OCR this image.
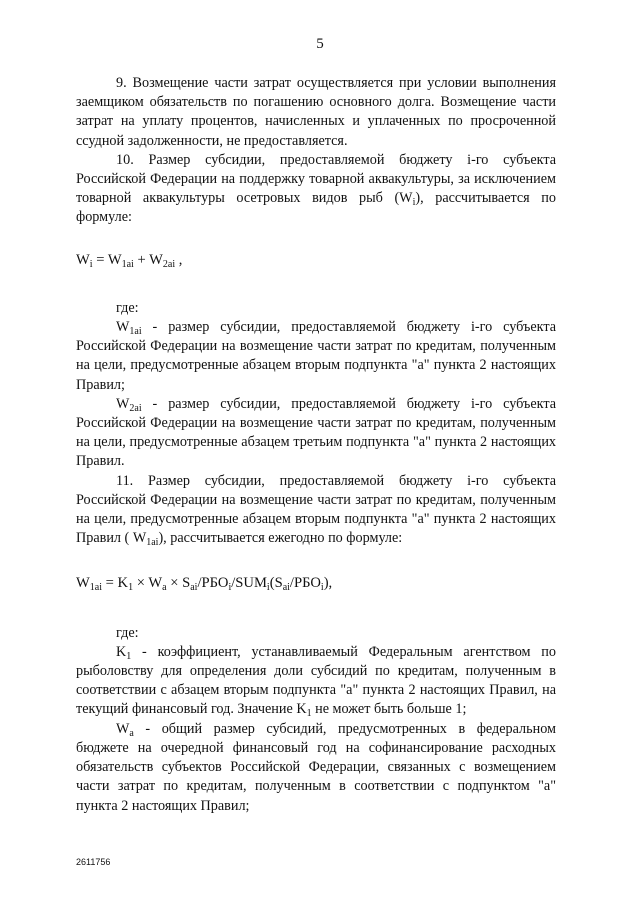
5

9. Возмещение части затрат осуществляется при условии выполнения заемщиком обязательств по погашению основного долга. Возмещение части затрат на уплату процентов, начисленных и уплаченных по просроченной ссудной задолженности, не предоставляется.

10. Размер субсидии, предоставляемой бюджету i-го субъекта Российской Федерации на поддержку товарной аквакультуры, за исключением товарной аквакультуры осетровых видов рыб $(W_i)$, рассчитывается по формуле:

$W_i = W_{1ai} + W_{2ai}$ ,

где:

$W_{1ai}$ - размер субсидии, предоставляемой бюджету i-го субъекта Российской Федерации на возмещение части затрат по кредитам, полученным на цели, предусмотренные абзацем вторым подпункта "а" пункта 2 настоящих Правил;

$W_{2ai}$ - размер субсидии, предоставляемой бюджету i-го субъекта Российской Федерации на возмещение части затрат по кредитам, полученным на цели, предусмотренные абзацем третьим подпункта "а" пункта 2 настоящих Правил.

11. Размер субсидии, предоставляемой бюджету i-го субъекта Российской Федерации на возмещение части затрат по кредитам, полученным на цели, предусмотренные абзацем вторым подпункта "а" пункта 2 настоящих Правил ( $W_{1ai}$), рассчитывается ежегодно по формуле:

$W_{1ai} = K_1 \times W_a \times S_{ai}/РБО_i/SUM_i(S_{ai}/РБО_i)$,

где:

$K_1$ - коэффициент, устанавливаемый Федеральным агентством по рыболовству для определения доли субсидий по кредитам, полученным в соответствии с абзацем вторым подпункта "а" пункта 2 настоящих Правил, на текущий финансовый год. Значение $K_1$ не может быть больше 1;

$W_a$ - общий размер субсидий, предусмотренных в федеральном бюджете на очередной финансовый год на софинансирование расходных обязательств субъектов Российской Федерации, связанных с возмещением части затрат по кредитам, полученным в соответствии с подпунктом "а" пункта 2 настоящих Правил;

2611756
